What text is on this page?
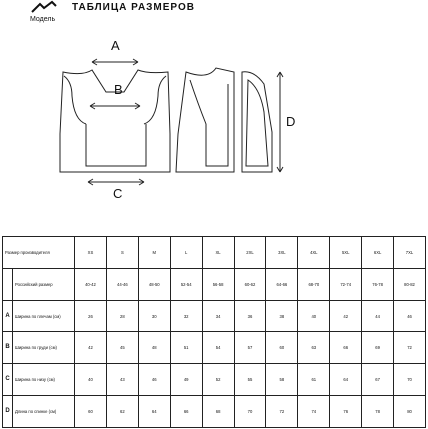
ТАБЛИЦА РАЗМЕРОВ
Модель
A
B
C
D
Размер производителя		XS	S	M	L	XL	2XL	3XL	4XL	5XL	6XL	7XL
	Российский размер	40-42	44-46	48-50	52-54	56-58	60-62	64-66	68-70	72-74	76-78	80-82
A	Ширина по плечам (см)	26	28	30	32	34	36	38	40	42	44	46
B	Ширина по груди (см)	42	45	48	51	54	57	60	63	66	69	72
C	Ширина по низу (см)	40	43	46	49	52	55	58	61	64	67	70
D	Длина по спинке (см)	60	62	64	66	68	70	72	74	76	78	80
